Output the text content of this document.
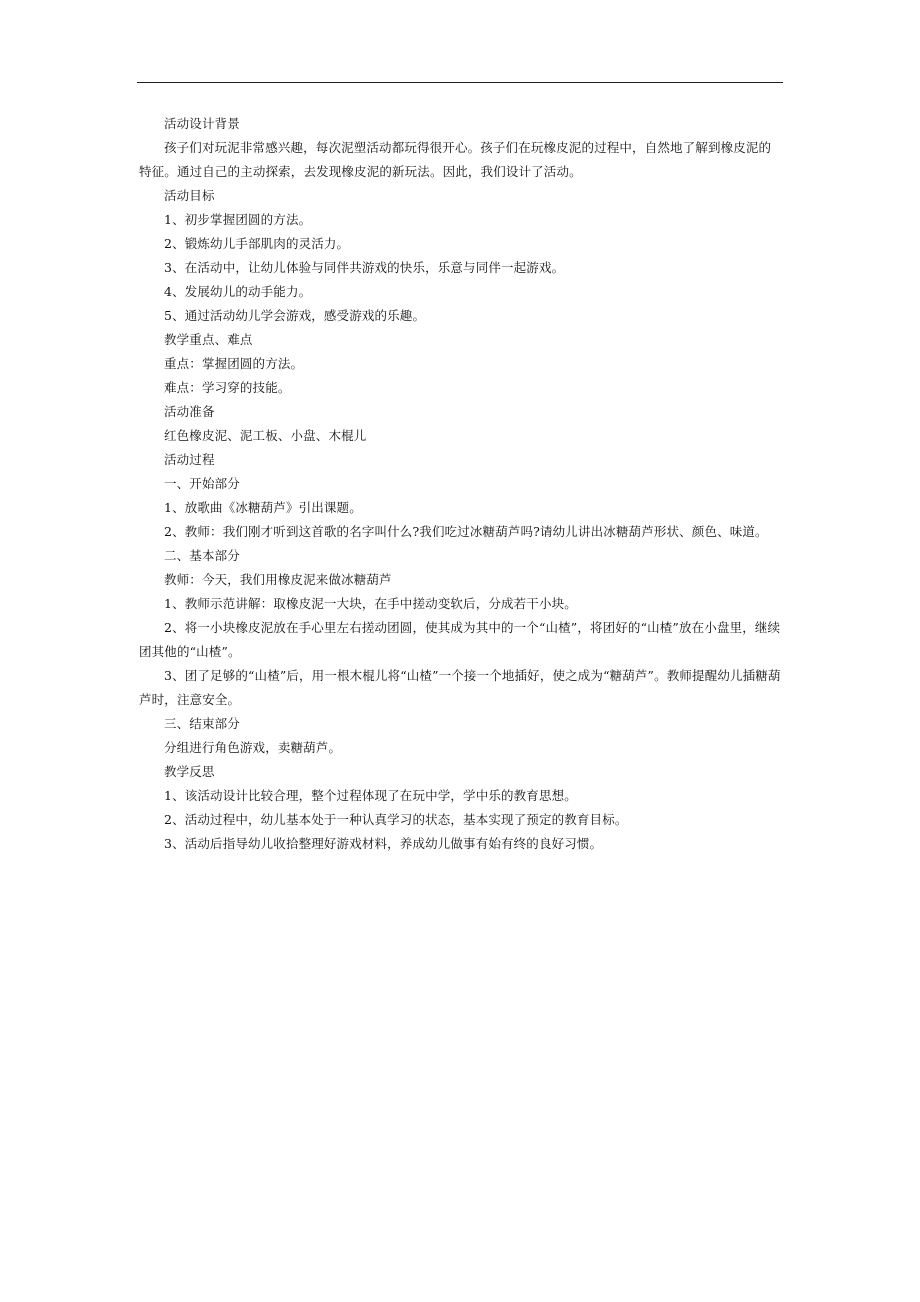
活动设计背景

孩子们对玩泥非常感兴趣，每次泥塑活动都玩得很开心。孩子们在玩橡皮泥的过程中，自然地了解到橡皮泥的特征。通过自己的主动探索，去发现橡皮泥的新玩法。因此，我们设计了活动。

活动目标

1、初步掌握团圆的方法。

2、锻炼幼儿手部肌肉的灵活力。

3、在活动中，让幼儿体验与同伴共游戏的快乐，乐意与同伴一起游戏。

4、发展幼儿的动手能力。

5、通过活动幼儿学会游戏，感受游戏的乐趣。

教学重点、难点

重点：掌握团圆的方法。

难点：学习穿的技能。

活动准备

红色橡皮泥、泥工板、小盘、木棍儿

活动过程

一、开始部分

1、放歌曲《冰糖葫芦》引出课题。

2、教师：我们刚才听到这首歌的名字叫什么?我们吃过冰糖葫芦吗?请幼儿讲出冰糖葫芦形状、颜色、味道。

二、基本部分

教师：今天，我们用橡皮泥来做冰糖葫芦

1、教师示范讲解：取橡皮泥一大块，在手中搓动变软后，分成若干小块。

2、将一小块橡皮泥放在手心里左右搓动团圆，使其成为其中的一个“山楂”，将团好的“山楂”放在小盘里，继续团其他的“山楂”。

3、团了足够的“山楂”后，用一根木棍儿将“山楂”一个接一个地插好，使之成为“糖葫芦”。教师提醒幼儿插糖葫芦时，注意安全。

三、结束部分

分组进行角色游戏，卖糖葫芦。

教学反思

1、该活动设计比较合理，整个过程体现了在玩中学，学中乐的教育思想。

2、活动过程中，幼儿基本处于一种认真学习的状态，基本实现了预定的教育目标。

3、活动后指导幼儿收拾整理好游戏材料，养成幼儿做事有始有终的良好习惯。
